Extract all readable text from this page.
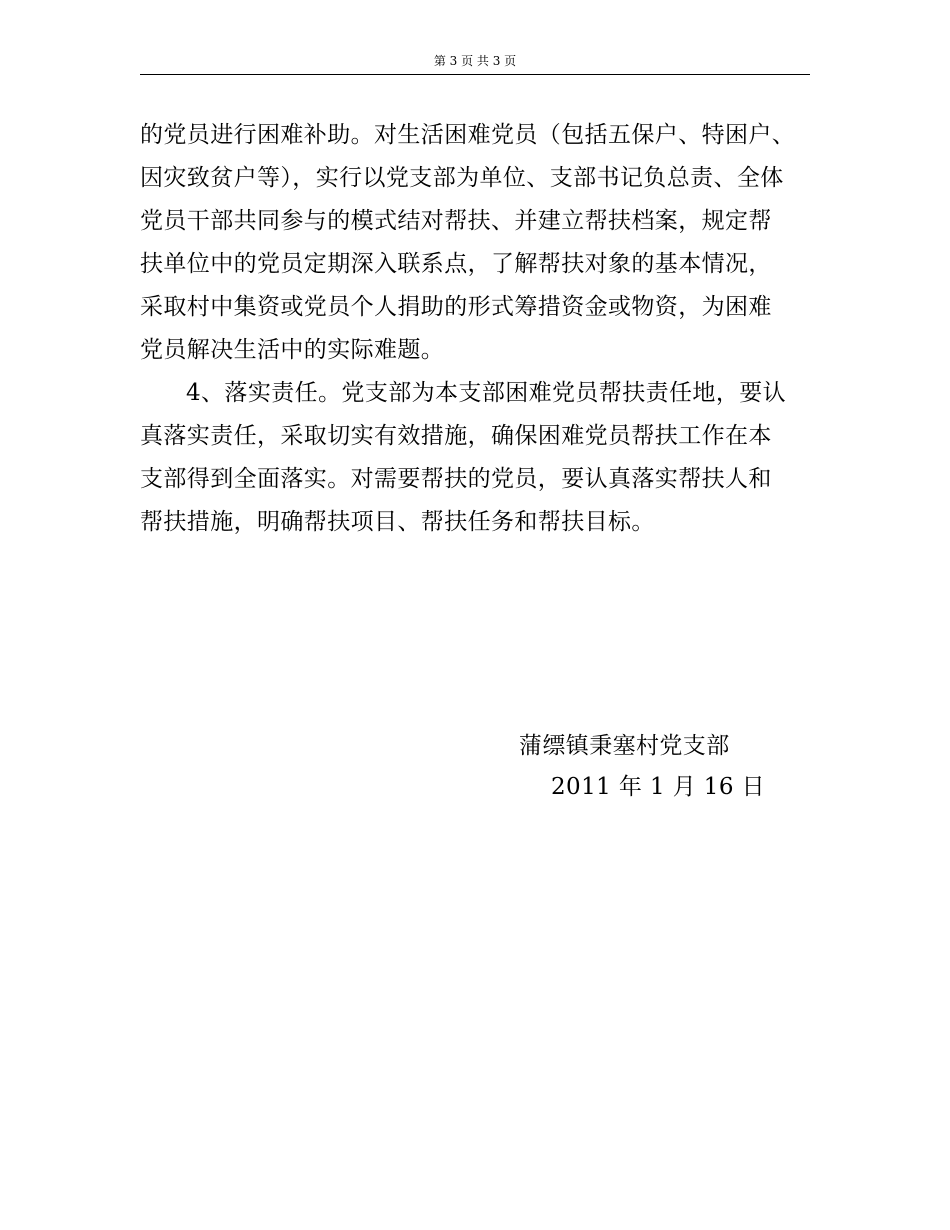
第 3 页 共 3 页
的党员进行困难补助。对生活困难党员（包括五保户、特困户、
因灾致贫户等），实行以党支部为单位、支部书记负总责、全体
党员干部共同参与的模式结对帮扶、并建立帮扶档案，规定帮
扶单位中的党员定期深入联系点，了解帮扶对象的基本情况，
采取村中集资或党员个人捐助的形式筹措资金或物资，为困难
党员解决生活中的实际难题。
4、落实责任。党支部为本支部困难党员帮扶责任地，要认
真落实责任，采取切实有效措施，确保困难党员帮扶工作在本
支部得到全面落实。对需要帮扶的党员，要认真落实帮扶人和
帮扶措施，明确帮扶项目、帮扶任务和帮扶目标。
蒲缥镇秉塞村党支部
2011 年 1 月 16 日
